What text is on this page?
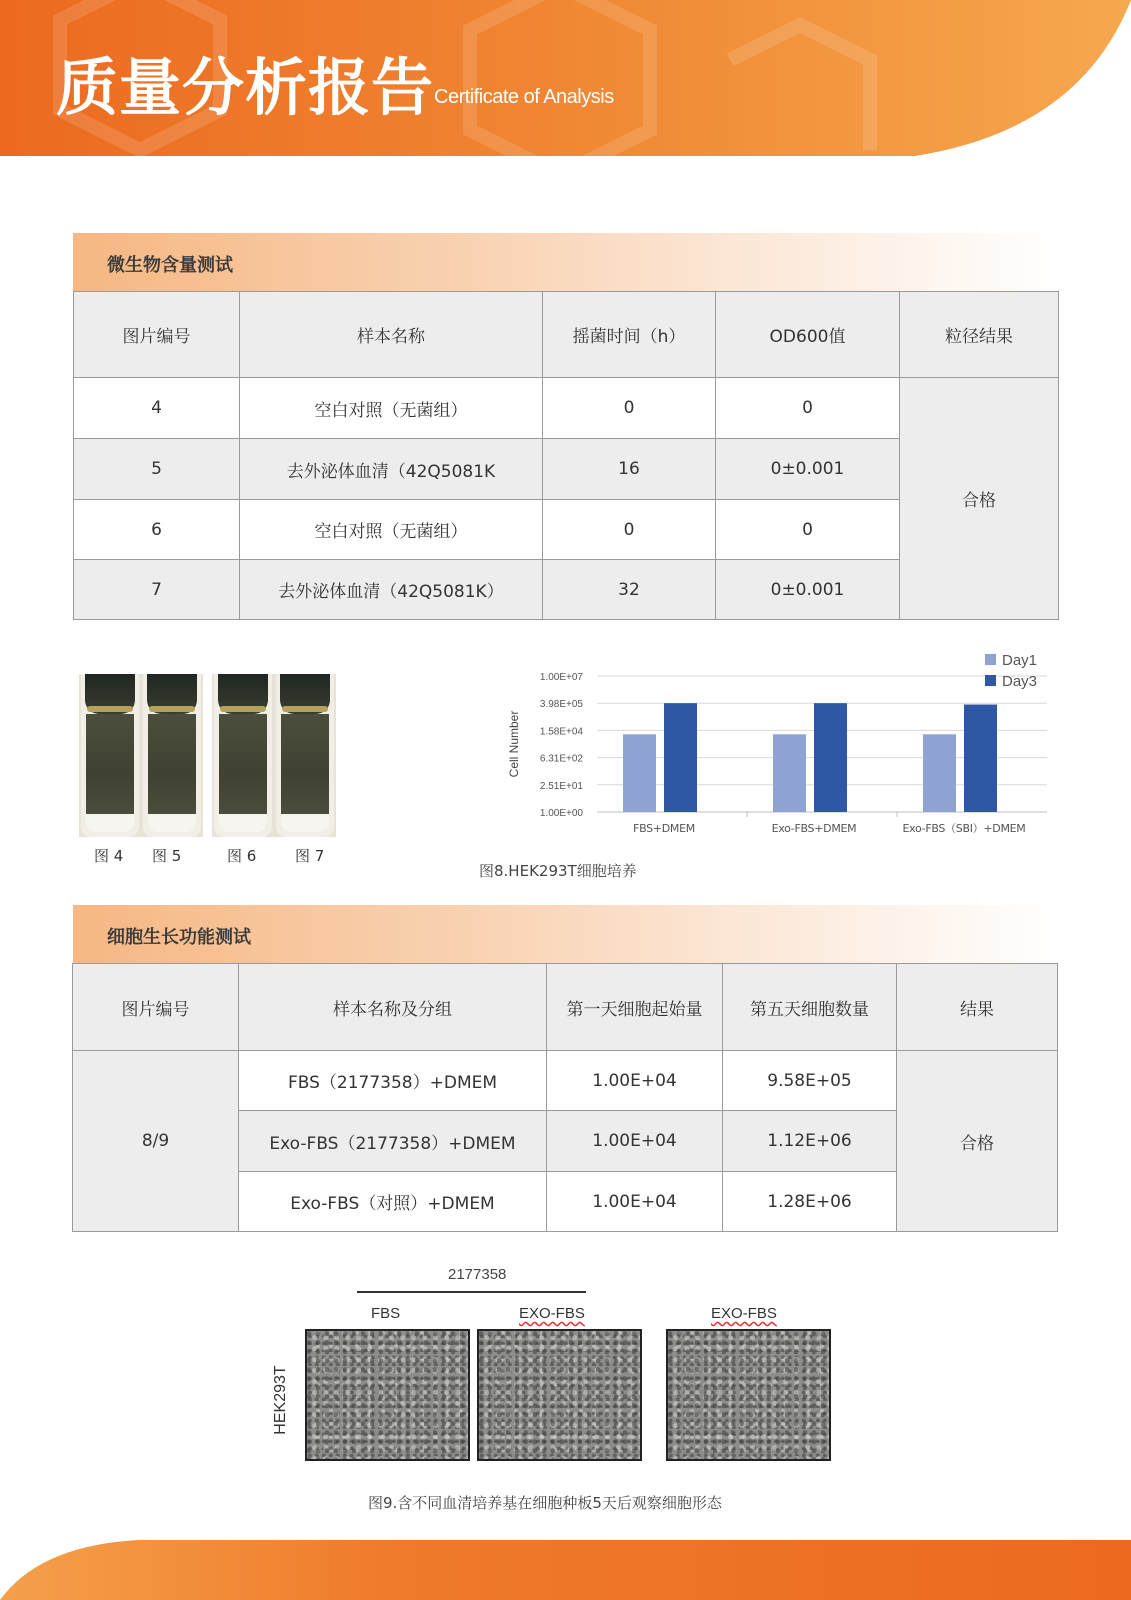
质量分析报告 Certificate of Analysis
微生物含量测试
图片编号	样本名称	摇菌时间（h）	OD600值	粒径结果
4	空白对照（无菌组）	0	0	合格
5	去外泌体血清（42Q5081K	16	0±0.001	
6	空白对照（无菌组）	0	0	
7	去外泌体血清（42Q5081K）	32	0±0.001	
图 4 图 5	图 6	图 7
1.00E+00
2.51E+01
6.31E+02
1.58E+04
3.98E+05
1.00E+07
Cell Number
FBS+DMEM	Exo-FBS+DMEM	Exo-FBS（SBI）+DMEM
Day1
Day3
图8.HEK293T细胞培养
细胞生长功能测试
图片编号	样本名称及分组	第一天细胞起始量	第五天细胞数量	结果
8/9	FBS（2177358）+DMEM	1.00E+04	9.58E+05	合格
	Exo-FBS（2177358）+DMEM	1.00E+04	1.12E+06	
	Exo-FBS（对照）+DMEM	1.00E+04	1.28E+06	
2177358
FBS	EXO-FBS	EXO-FBS
HEK293T
图9.含不同血清培养基在细胞种板5天后观察细胞形态
